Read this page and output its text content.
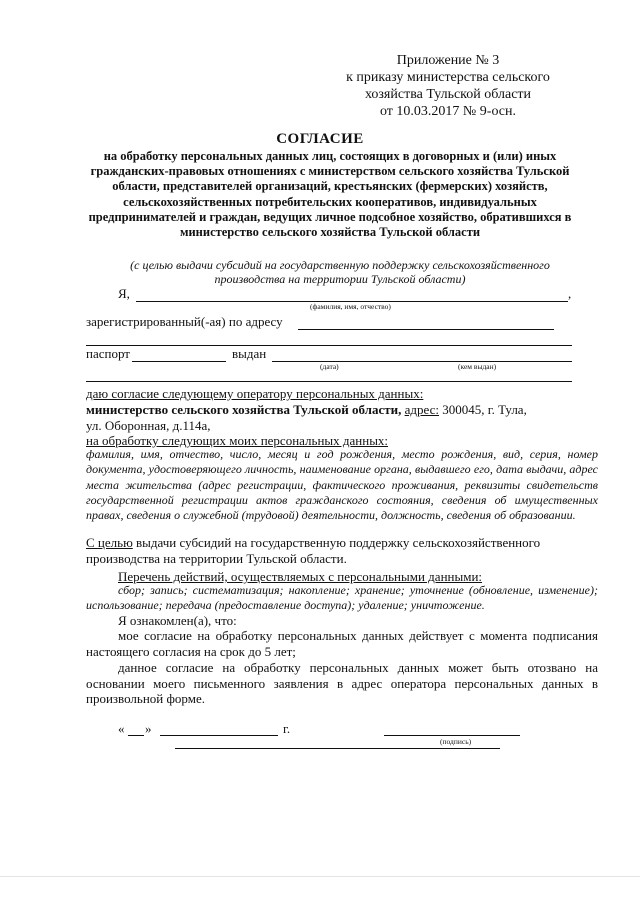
Приложение № 3
к приказу министерства сельского
хозяйства Тульской области
от 10.03.2017 № 9-осн.
СОГЛАСИЕ
на обработку персональных данных лиц, состоящих в договорных и (или) иных гражданских-правовых отношениях с министерством сельского хозяйства Тульской области, представителей организаций, крестьянских (фермерских) хозяйств, сельскохозяйственных потребительских кооперативов, индивидуальных предпринимателей и граждан, ведущих личное подсобное хозяйство, обратившихся в министерство сельского хозяйства Тульской области
(с целью выдачи субсидий на государственную поддержку сельскохозяйственного производства на территории Тульской области)
Я,	,
(фамилия, имя, отчество)
зарегистрированный(-ая) по адресу
паспорт	выдан
(дата)	(кем выдан)
даю согласие следующему оператору персональных данных:
министерство сельского хозяйства Тульской области, адрес: 300045, г. Тула,
ул. Оборонная, д.114а,
на обработку следующих моих персональных данных:
фамилия, имя, отчество, число, месяц и год рождения, место рождения, вид, серия, номер документа, удостоверяющего личность, наименование органа, выдавшего его, дата выдачи, адрес места жительства (адрес регистрации, фактического проживания, реквизиты свидетельств государственной регистрации актов гражданского состояния, сведения об имущественных правах, сведения о служебной (трудовой) деятельности, должность, сведения об образовании.
С целью выдачи субсидий на государственную поддержку сельскохозяйственного производства на территории Тульской области.
Перечень действий, осуществляемых с персональными данными:
сбор; запись; систематизация; накопление; хранение; уточнение (обновление, изменение); использование; передача (предоставление доступа); удаление; уничтожение.
Я ознакомлен(а), что:
мое согласие на обработку персональных данных действует с момента подписания настоящего согласия на срок до 5 лет;
данное согласие на обработку персональных данных может быть отозвано на основании моего письменного заявления в адрес оператора персональных данных в произвольной форме.
« »	г.
(подпись)
